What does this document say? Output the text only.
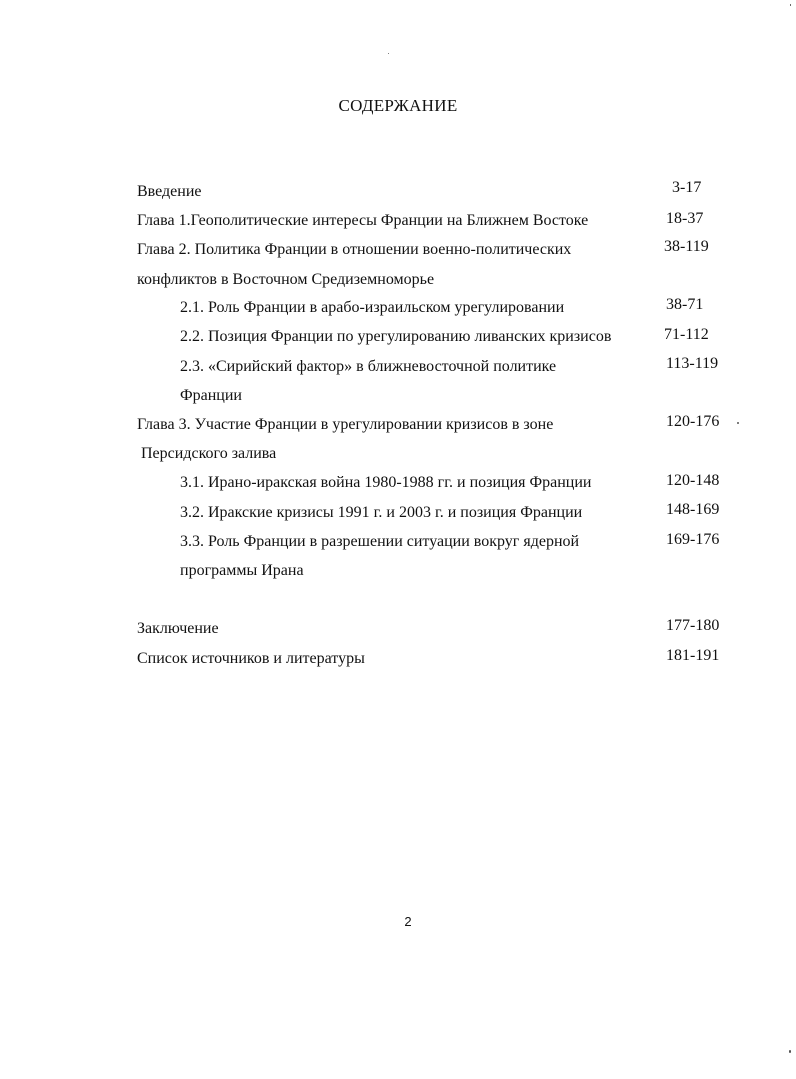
СОДЕРЖАНИЕ
Введение	3-17
Глава 1.Геополитические интересы Франции на Ближнем Востоке	18-37
Глава 2. Политика Франции в отношении военно-политических	38-119
конфликтов в Восточном Средиземноморье
2.1. Роль Франции в арабо-израильском урегулировании	38-71
2.2. Позиция Франции по урегулированию ливанских кризисов	71-112
2.3. «Сирийский фактор» в ближневосточной политике	113-119
Франции
Глава 3. Участие Франции в урегулировании кризисов в зоне	120-176
Персидского залива
3.1. Ирано-иракская война 1980-1988 гг. и позиция Франции	120-148
3.2. Иракские кризисы 1991 г. и 2003 г. и позиция Франции	148-169
3.3. Роль Франции в разрешении ситуации вокруг ядерной	169-176
программы Ирана
Заключение	177-180
Список источников и литературы	181-191
2
